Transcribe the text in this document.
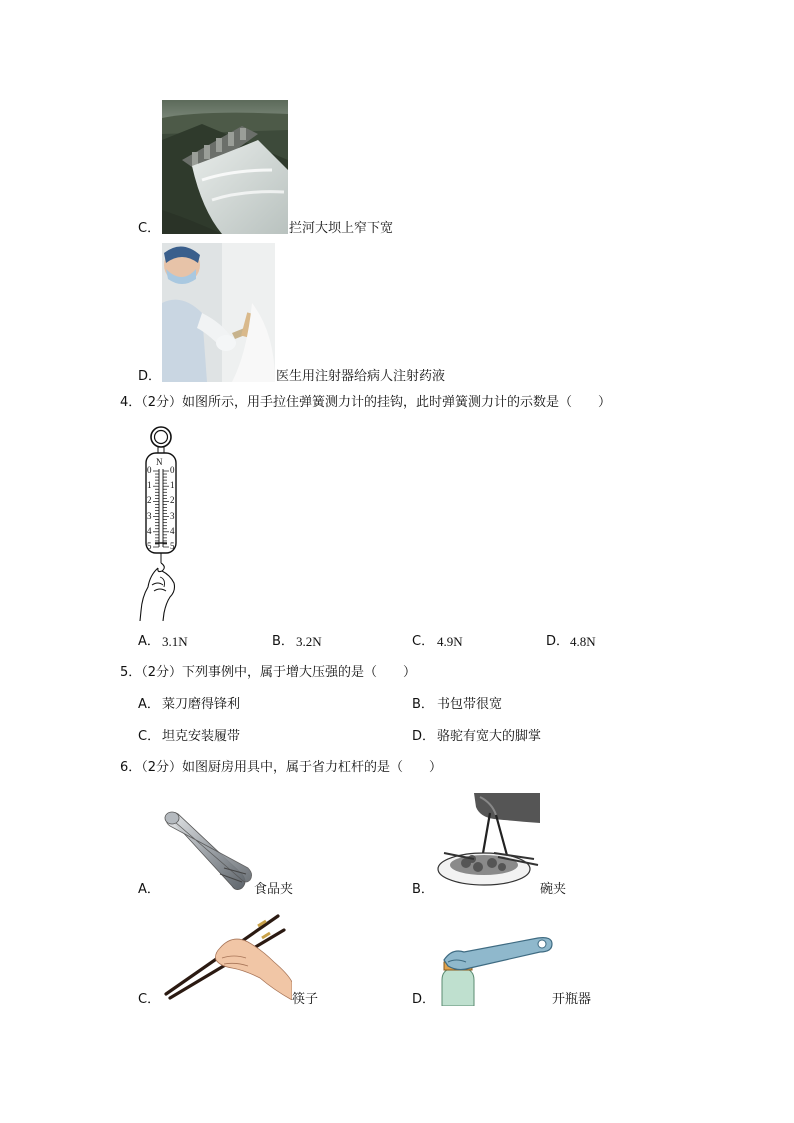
C．	拦河大坝上窄下宽
D．	医生用注射器给病人注射药液
4．（2分）如图所示，用手拉住弹簧测力计的挂钩，此时弹簧测力计的示数是（　　）
N
0 0
1 1
2 2
3 3
4 4
5 5
A． 3.1N	B． 3.2N	C． 4.9N	D． 4.8N
5．（2分）下列事例中，属于增大压强的是（　　）
A． 菜刀磨得锋利	B． 书包带很宽
C． 坦克安装履带	D． 骆驼有宽大的脚掌
6．（2分）如图厨房用具中，属于省力杠杆的是（　　）
A．	食品夹	B．	碗夹
C．	筷子	D．	开瓶器
